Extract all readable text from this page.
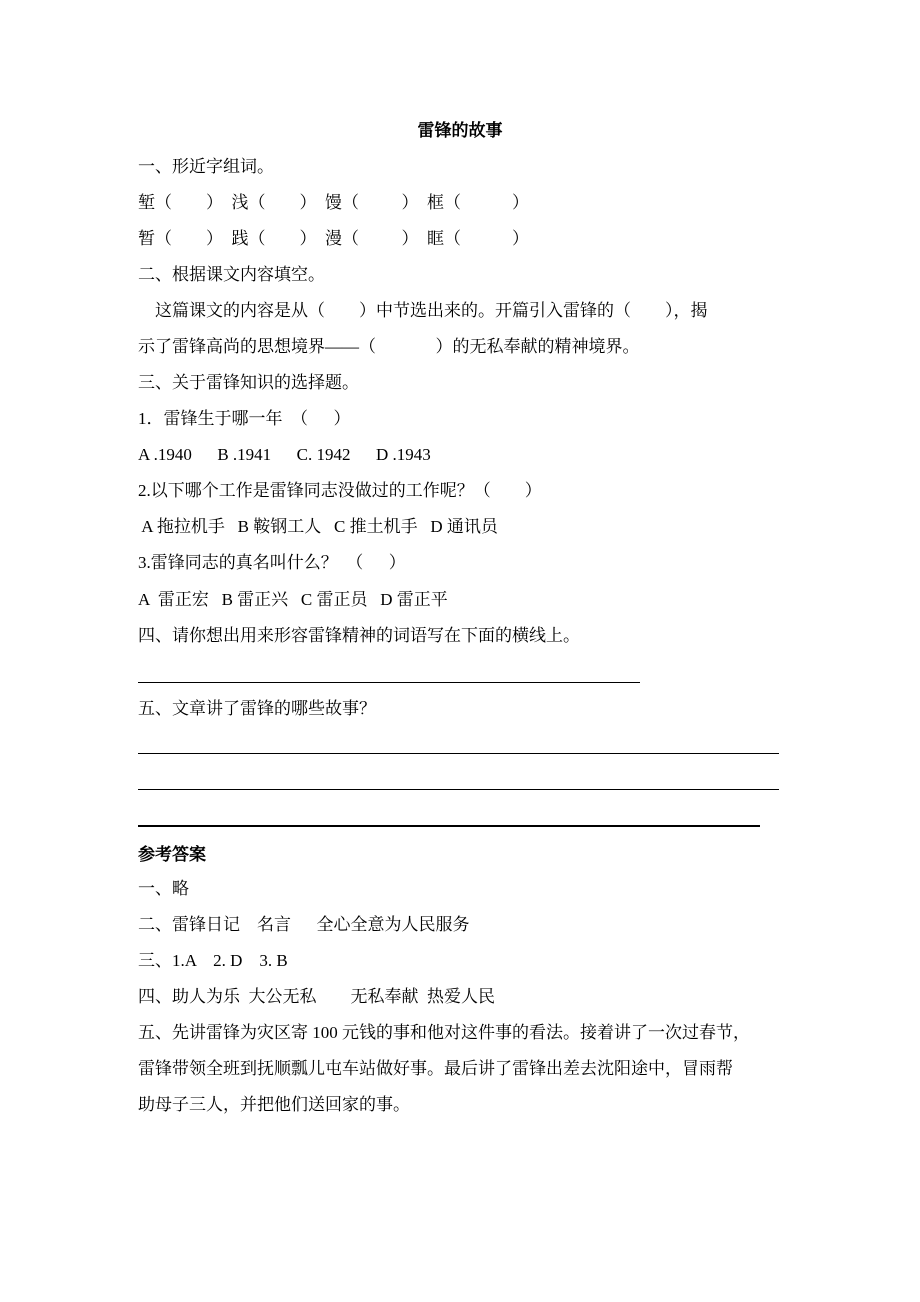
雷锋的故事
一、形近字组词。
堑（        ）  浅（        ）  馒（          ）  框（            ）
暂（        ）  践（        ）  漫（          ）  眶（            ）
二、根据课文内容填空。
这篇课文的内容是从（        ）中节选出来的。开篇引入雷锋的（        ），揭
示了雷锋高尚的思想境界——（              ）的无私奉献的精神境界。
三、关于雷锋知识的选择题。
1．雷锋生于哪一年  （      ）
A .1940      B .1941      C. 1942      D .1943
2.以下哪个工作是雷锋同志没做过的工作呢？（        ）
A 拖拉机手   B 鞍钢工人   C 推土机手   D 通讯员
3.雷锋同志的真名叫什么？  （      ）
A  雷正宏   B 雷正兴   C 雷正员   D 雷正平
四、请你想出用来形容雷锋精神的词语写在下面的横线上。
五、文章讲了雷锋的哪些故事？
参考答案
一、略
二、雷锋日记    名言      全心全意为人民服务
三、1.A    2. D    3. B
四、助人为乐  大公无私        无私奉献  热爱人民
五、先讲雷锋为灾区寄 100 元钱的事和他对这件事的看法。接着讲了一次过春节，
雷锋带领全班到抚顺瓢儿屯车站做好事。最后讲了雷锋出差去沈阳途中，冒雨帮
助母子三人，并把他们送回家的事。
